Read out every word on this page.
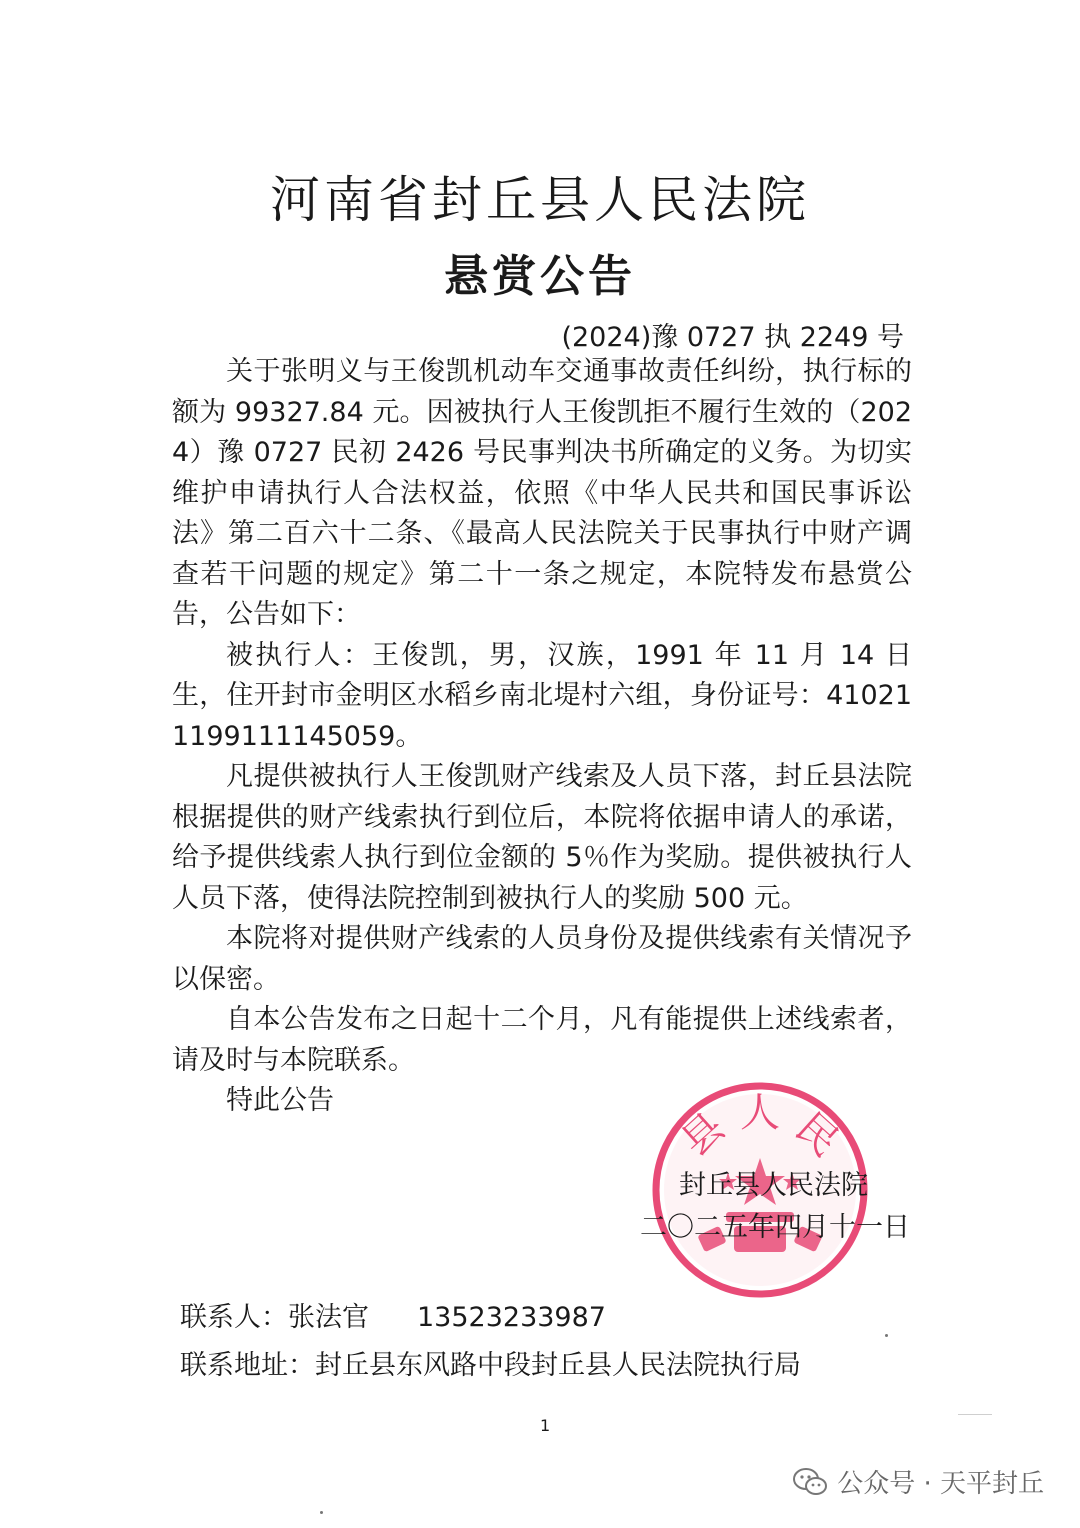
河南省封丘县人民法院
悬赏公告
(2024)豫 0727 执 2249 号

关于张明义与王俊凯机动车交通事故责任纠纷，执行标的额为 99327.84 元。因被执行人王俊凯拒不履行生效的（2024）豫 0727 民初 2426 号民事判决书所确定的义务。为切实维护申请执行人合法权益，依照《中华人民共和国民事诉讼法》第二百六十二条、《最高人民法院关于民事执行中财产调查若干问题的规定》第二十一条之规定，本院特发布悬赏公告，公告如下：

被执行人：王俊凯，男，汉族，1991 年 11 月 14 日生，住开封市金明区水稻乡南北堤村六组，身份证号：410211199111145059。

凡提供被执行人王俊凯财产线索及人员下落，封丘县法院根据提供的财产线索执行到位后，本院将依据申请人的承诺，给予提供线索人执行到位金额的 5％作为奖励。提供被执行人人员下落，使得法院控制到被执行人的奖励 500 元。

本院将对提供财产线索的人员身份及提供线索有关情况予以保密。

自本公告发布之日起十二个月，凡有能提供上述线索者，请及时与本院联系。

特此公告

县 人 民
封丘县人民法院
二〇二五年四月十一日
联系人：张法官 13523233987
联系地址：封丘县东风路中段封丘县人民法院执行局
1
公众号 · 天平封丘
